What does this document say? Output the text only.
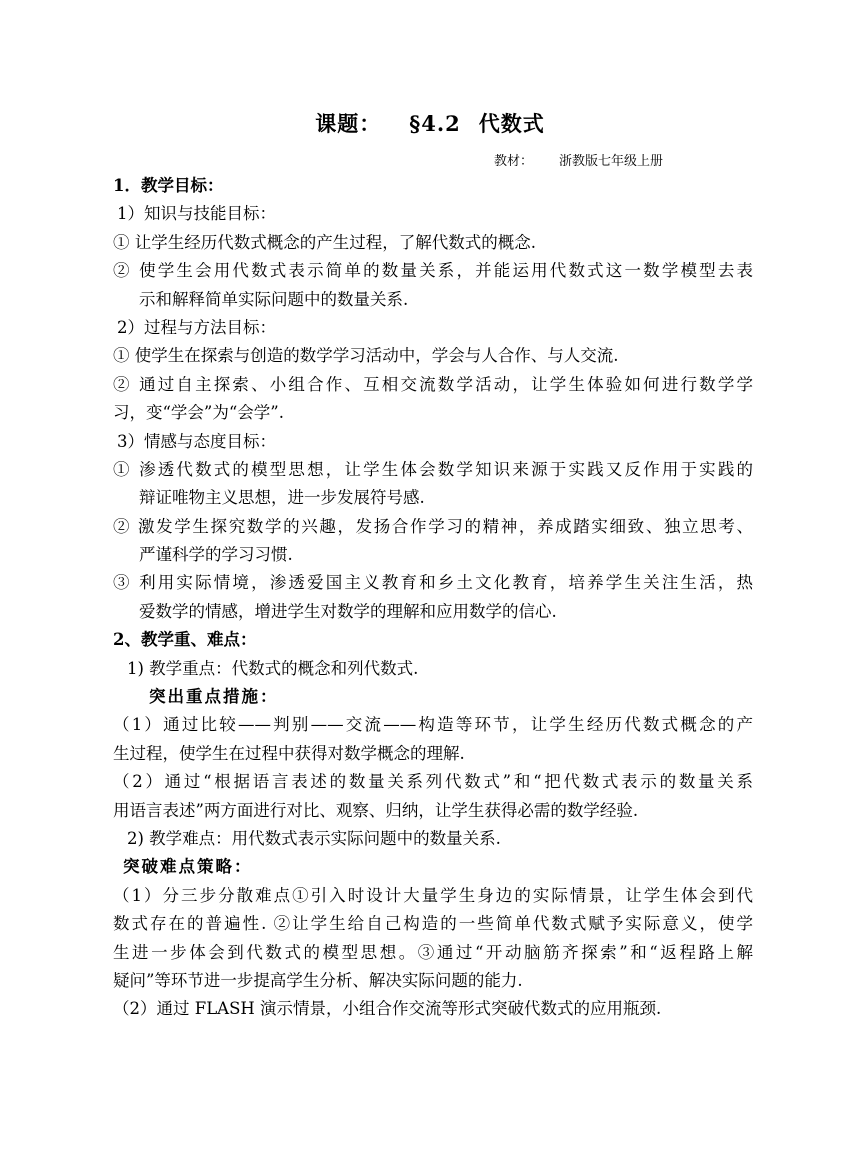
课题： §4.2 代数式
教材： 浙教版七年级上册
1．教学目标：
1）知识与技能目标：
① 让学生经历代数式概念的产生过程，了解代数式的概念.
② 使学生会用代数式表示简单的数量关系，并能运用代数式这一数学模型去表
示和解释简单实际问题中的数量关系.
2）过程与方法目标：
① 使学生在探索与创造的数学学习活动中，学会与人合作、与人交流.
② 通过自主探索、小组合作、互相交流数学活动，让学生体验如何进行数学学
习，变“学会”为“会学”.
3）情感与态度目标：
① 渗透代数式的模型思想，让学生体会数学知识来源于实践又反作用于实践的
辩证唯物主义思想，进一步发展符号感.
② 激发学生探究数学的兴趣，发扬合作学习的精神，养成踏实细致、独立思考、
严谨科学的学习习惯.
③ 利用实际情境，渗透爱国主义教育和乡土文化教育，培养学生关注生活，热
爱数学的情感，增进学生对数学的理解和应用数学的信心.
2、教学重、难点：
1) 教学重点：代数式的概念和列代数式.
突出重点措施：
（1）通过比较——判别——交流——构造等环节，让学生经历代数式概念的产
生过程，使学生在过程中获得对数学概念的理解.
（2）通过“根据语言表述的数量关系列代数式”和“把代数式表示的数量关系
用语言表述”两方面进行对比、观察、归纳，让学生获得必需的数学经验.
2) 教学难点：用代数式表示实际问题中的数量关系.
突破难点策略：
（1）分三步分散难点①引入时设计大量学生身边的实际情景，让学生体会到代
数式存在的普遍性. ②让学生给自己构造的一些简单代数式赋予实际意义，使学
生进一步体会到代数式的模型思想。③通过“开动脑筋齐探索”和“返程路上解
疑问”等环节进一步提高学生分析、解决实际问题的能力.
（2）通过 FLASH 演示情景，小组合作交流等形式突破代数式的应用瓶颈.
